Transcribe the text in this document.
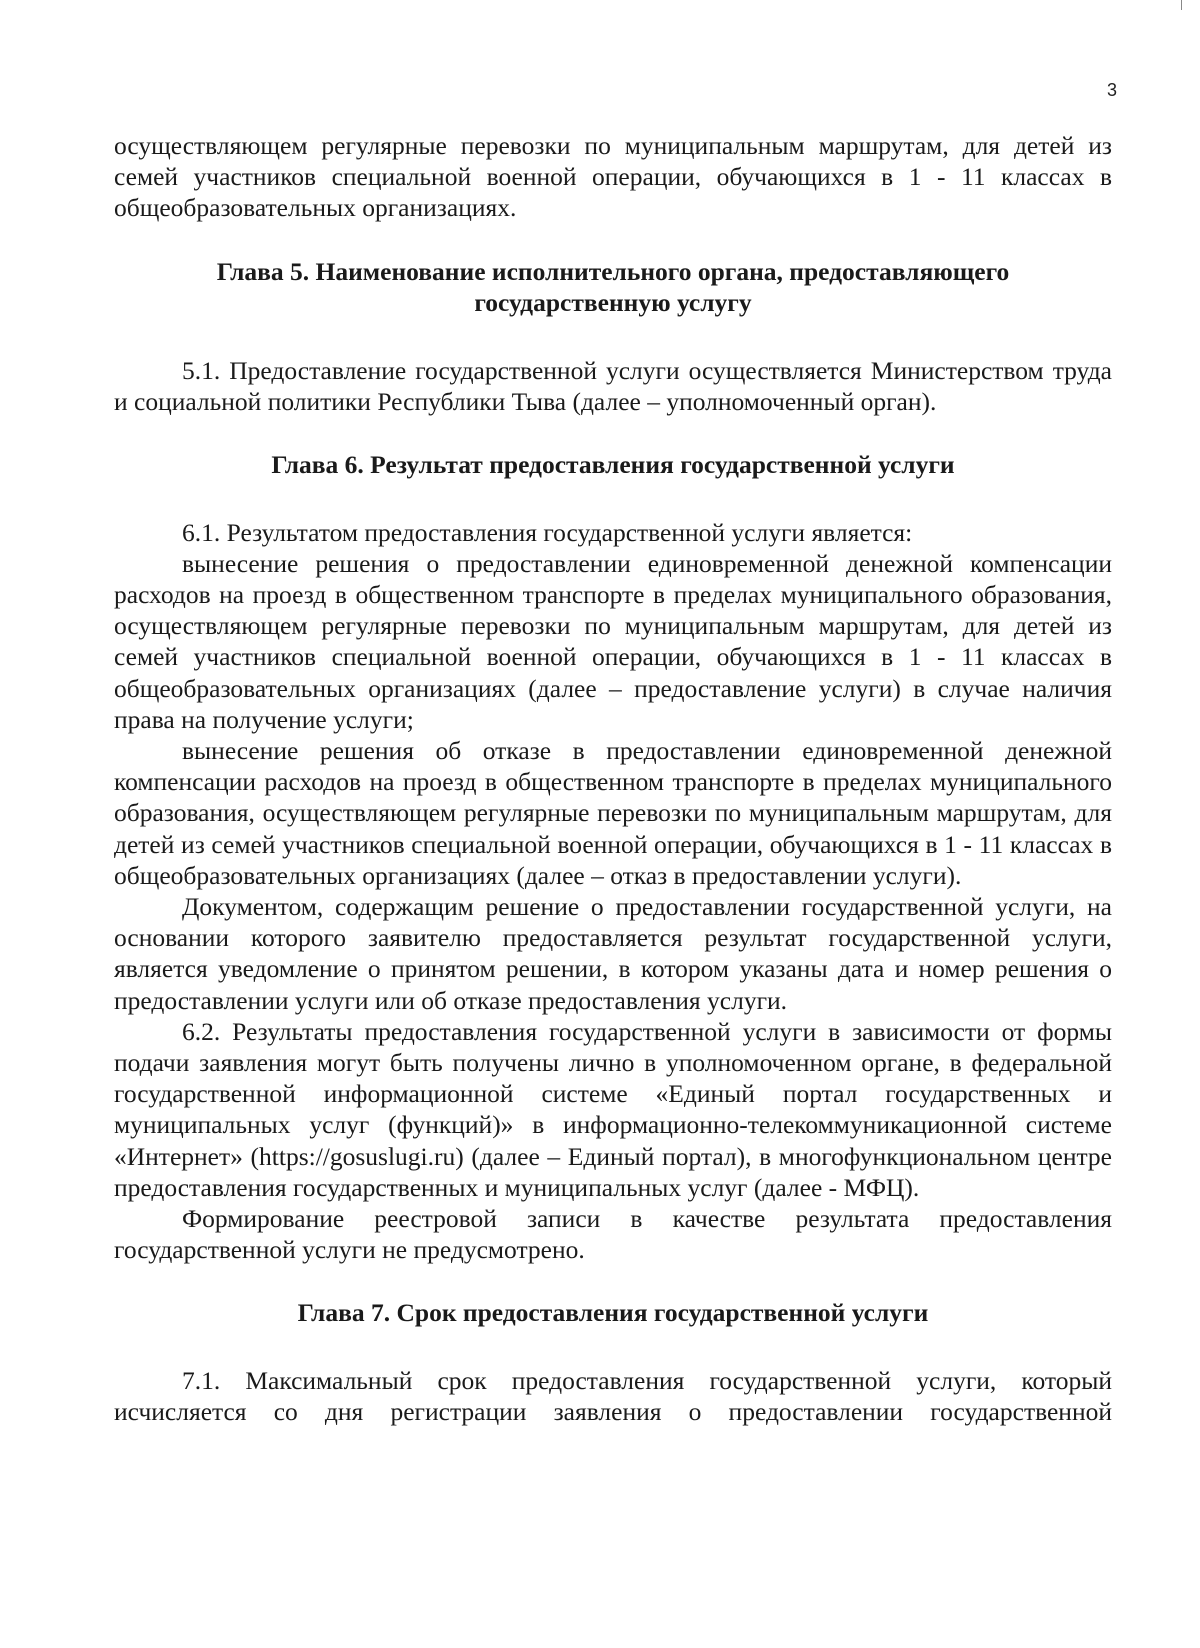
3

осуществляющем регулярные перевозки по муниципальным маршрутам, для детей из семей участников специальной военной операции, обучающихся в 1 - 11 классах в общеобразовательных организациях.

Глава 5. Наименование исполнительного органа, предоставляющего государственную услугу

5.1. Предоставление государственной услуги осуществляется Министерством труда и социальной политики Республики Тыва (далее – уполномоченный орган).

Глава 6. Результат предоставления государственной услуги

6.1. Результатом предоставления государственной услуги является:

вынесение решения о предоставлении единовременной денежной компенсации расходов на проезд в общественном транспорте в пределах муниципального образования, осуществляющем регулярные перевозки по муниципальным маршрутам, для детей из семей участников специальной военной операции, обучающихся в 1 - 11 классах в общеобразовательных организациях (далее – предоставление услуги) в случае наличия права на получение услуги;

вынесение решения об отказе в предоставлении единовременной денежной компенсации расходов на проезд в общественном транспорте в пределах муниципального образования, осуществляющем регулярные перевозки по муниципальным маршрутам, для детей из семей участников специальной военной операции, обучающихся в 1 - 11 классах в общеобразовательных организациях (далее – отказ в предоставлении услуги).

Документом, содержащим решение о предоставлении государственной услуги, на основании которого заявителю предоставляется результат государственной услуги, является уведомление о принятом решении, в котором указаны дата и номер решения о предоставлении услуги или об отказе предоставления услуги.

6.2. Результаты предоставления государственной услуги в зависимости от формы подачи заявления могут быть получены лично в уполномоченном органе, в федеральной государственной информационной системе «Единый портал государственных и муниципальных услуг (функций)» в информационно-телекоммуникационной системе «Интернет» (https://gosuslugi.ru) (далее – Единый портал), в многофункциональном центре предоставления государственных и муниципальных услуг (далее - МФЦ).

Формирование реестровой записи в качестве результата предоставления государственной услуги не предусмотрено.

Глава 7. Срок предоставления государственной услуги

7.1. Максимальный срок предоставления государственной услуги, который исчисляется со дня регистрации заявления о предоставлении государственной
